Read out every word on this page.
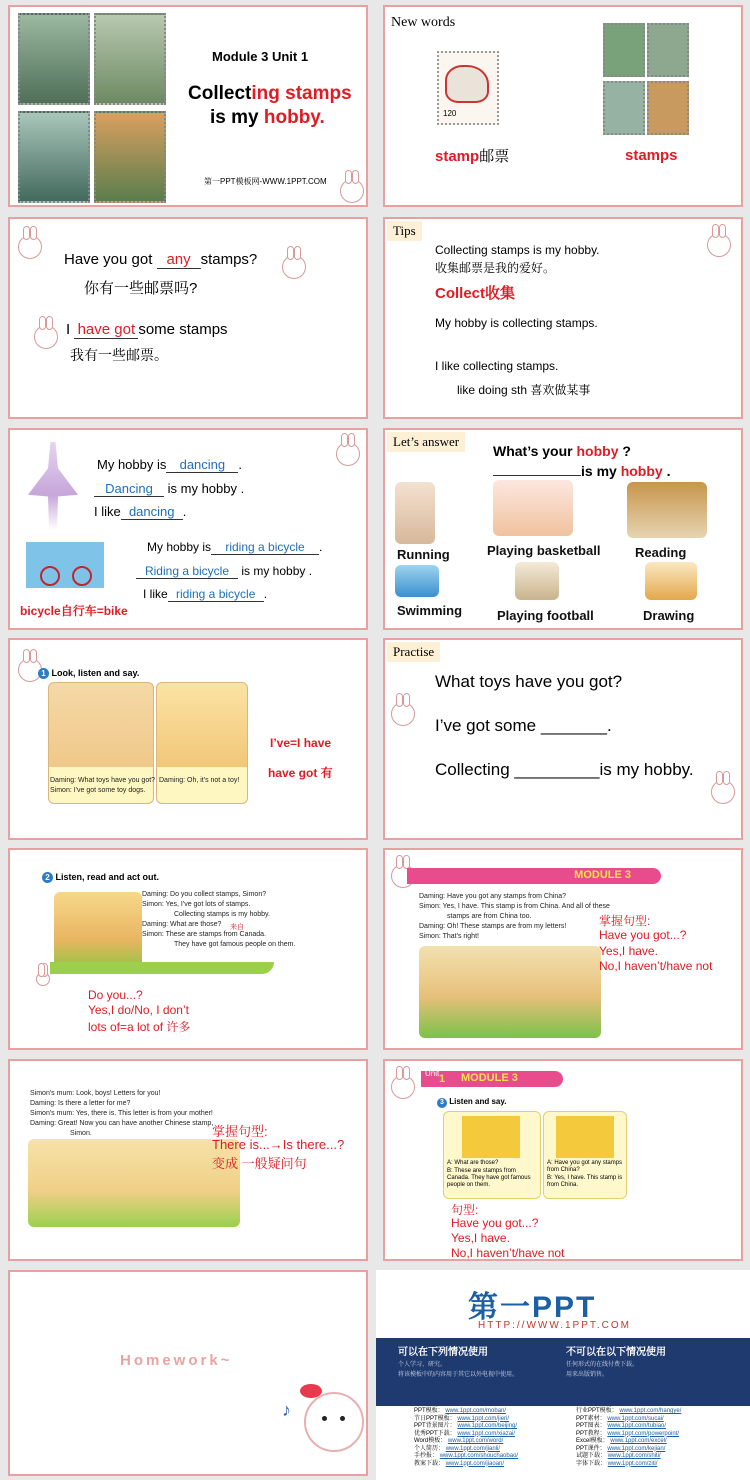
Module 3 Unit 1
Collecting stamps
is my hobby.
第一PPT模板网-WWW.1PPT.COM
New words
120
stamp邮票	stamps
Have you got any stamps?
你有一些邮票吗?
I have got some stamps
我有一些邮票。
Tips
Collecting stamps is my hobby.
收集邮票是我的爱好。
Collect收集
My hobby is collecting stamps.
I like collecting stamps.
like doing sth 喜欢做某事
My hobby is dancing .
Dancing is my hobby .
I like dancing .
My hobby is riding a bicycle .
Riding a bicycle is my hobby .
I like riding a bicycle .
bicycle自行车=bike
Let’s answer
What’s your hobby ?
is my hobby .
Running	Playing basketball	Reading
Swimming	Playing football	Drawing
1 Look, listen and say.
Daming: What toys have you got?
Simon: I've got some toy dogs.
Daming: Oh, it's not a toy!
I’ve=I have
have got 有
Practise
What toys have you got?
I’ve got some _______.
Collecting _________is my hobby.
2 Listen, read and act out.
Daming: Do you collect stamps, Simon?
Simon: Yes, I've got lots of stamps.
Collecting stamps is my hobby.
Daming: What are those?
Simon: These are stamps from Canada.
They have got famous people on them.
来自
Do you...?
Yes,I do/No, I don’t
lots of=a lot of 许多
MODULE 3
Daming: Have you got any stamps from China?
Simon: Yes, I have. This stamp is from China. And all of these
stamps are from China too.
Daming: Oh! These stamps are from my letters!
Simon: That's right!
掌握句型:
Have you got...?
Yes,I have.
No,I haven’t/have not
Simon's mum: Look, boys! Letters for you!
Daming: Is there a letter for me?
Simon's mum: Yes, there is. This letter is from your mother!
Daming: Great! Now you can have another Chinese stamp,
Simon.	掌握句型:
There is...→Is there...?
变成 一般疑问句
Unit 1 MODULE 3
3 Listen and say.
A: What are those?
B: These are stamps from Canada. They have got famous people on them.
A: Have you got any stamps from China?
B: Yes, I have. This stamp is from China.
句型:
Have you got...?
Yes,I have.
No,I haven’t/have not
Homework~
♪
第一PPT
HTTP://WWW.1PPT.COM
可以在下列情况使用
个人学习、研究。
将该模板中的内容用于其它以外电视中使用。
不可以在以下情况使用
任何形式的在线付费下载。
用来出版销售。
PPT模板： www.1ppt.com/moban/
节日PPT模板： www.1ppt.com/jieri/
PPT背景图片： www.1ppt.com/beijing/
优秀PPT下载： www.1ppt.com/xiazai/
Word模板： www.1ppt.com/word/
个人简历： www.1ppt.com/jianli/
手抄报： www.1ppt.com/shouchaobao/
教案下载： www.1ppt.com/jiaoan/
行业PPT模板： www.1ppt.com/hangye/
PPT素材： www.1ppt.com/sucai/
PPT图表： www.1ppt.com/tubiao/
PPT教程： www.1ppt.com/powerpoint/
Excel模板： www.1ppt.com/excel/
PPT课件： www.1ppt.com/kejian/
试题下载： www.1ppt.com/shiti/
字体下载： www.1ppt.com/ziti/
